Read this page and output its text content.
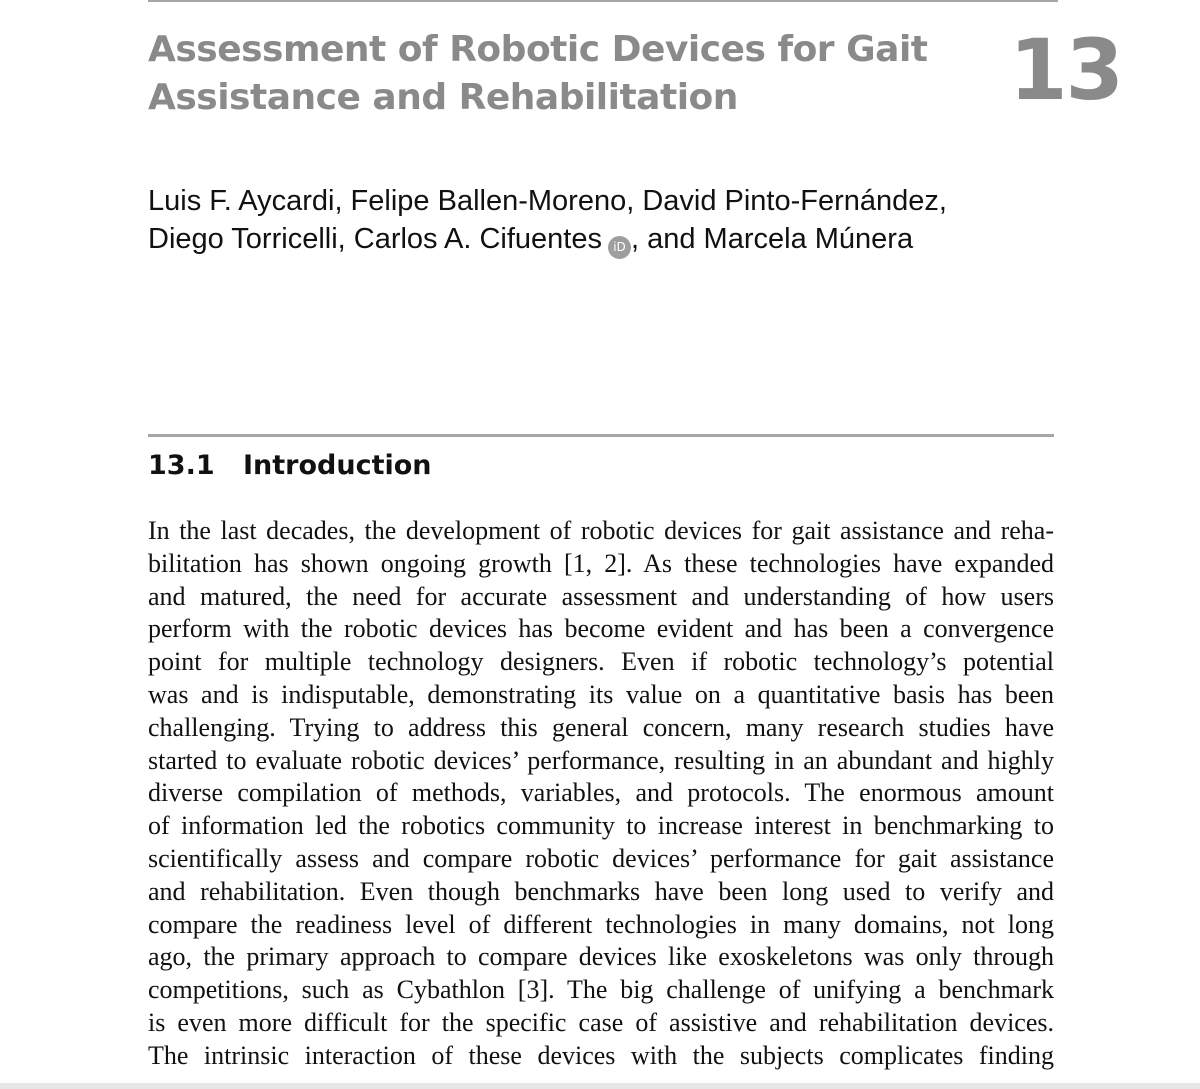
Assessment of Robotic Devices for Gait
Assistance and Rehabilitation	13
Luis F. Aycardi, Felipe Ballen-Moreno, David Pinto-Fernández,
Diego Torricelli, Carlos A. Cifuentes iD , and Marcela Múnera
13.1 Introduction
In the last decades, the development of robotic devices for gait assistance and reha-
bilitation has shown ongoing growth [1, 2]. As these technologies have expanded
and matured, the need for accurate assessment and understanding of how users
perform with the robotic devices has become evident and has been a convergence
point for multiple technology designers. Even if robotic technology’s potential
was and is indisputable, demonstrating its value on a quantitative basis has been
challenging. Trying to address this general concern, many research studies have
started to evaluate robotic devices’ performance, resulting in an abundant and highly
diverse compilation of methods, variables, and protocols. The enormous amount
of information led the robotics community to increase interest in benchmarking to
scientifically assess and compare robotic devices’ performance for gait assistance
and rehabilitation. Even though benchmarks have been long used to verify and
compare the readiness level of different technologies in many domains, not long
ago, the primary approach to compare devices like exoskeletons was only through
competitions, such as Cybathlon [3]. The big challenge of unifying a benchmark
is even more difficult for the specific case of assistive and rehabilitation devices.
The intrinsic interaction of these devices with the subjects complicates finding
